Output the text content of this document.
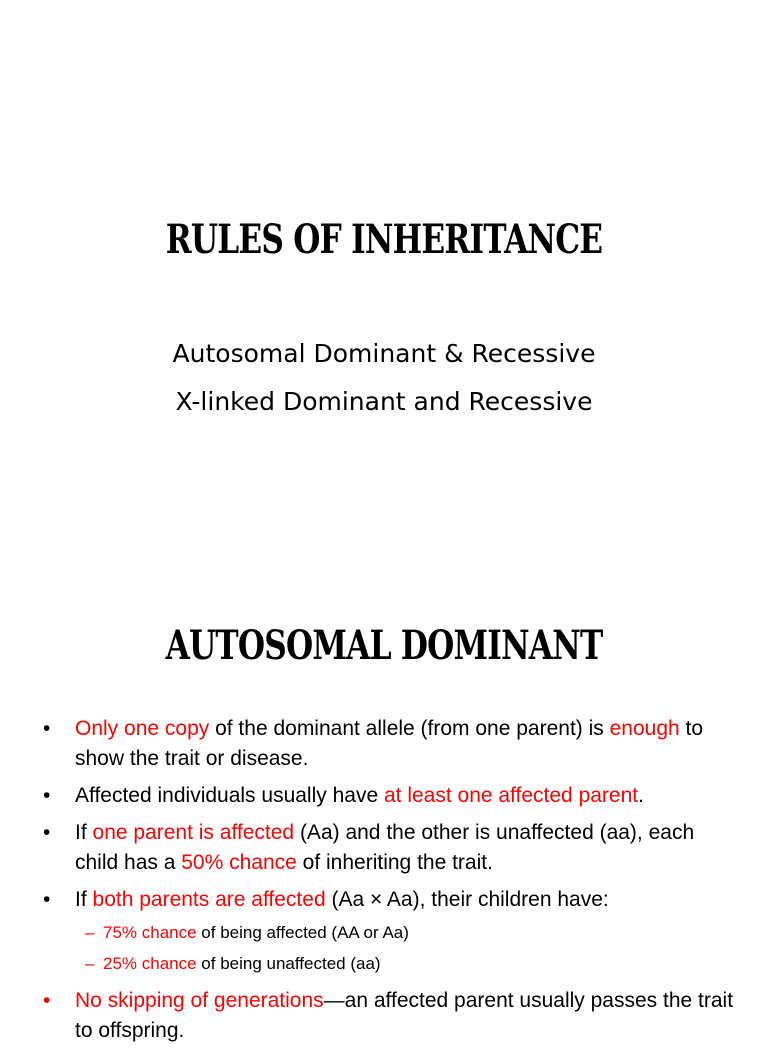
RULES OF INHERITANCE
Autosomal Dominant & Recessive
X-linked Dominant and Recessive
AUTOSOMAL DOMINANT
• Only one copy of the dominant allele (from one parent) is enough to show the trait or disease.
• Affected individuals usually have at least one affected parent.
• If one parent is affected (Aa) and the other is unaffected (aa), each child has a 50% chance of inheriting the trait.
• If both parents are affected (Aa × Aa), their children have:
– 75% chance of being affected (AA or Aa)
– 25% chance of being unaffected (aa)
• No skipping of generations—an affected parent usually passes the trait to offspring.
